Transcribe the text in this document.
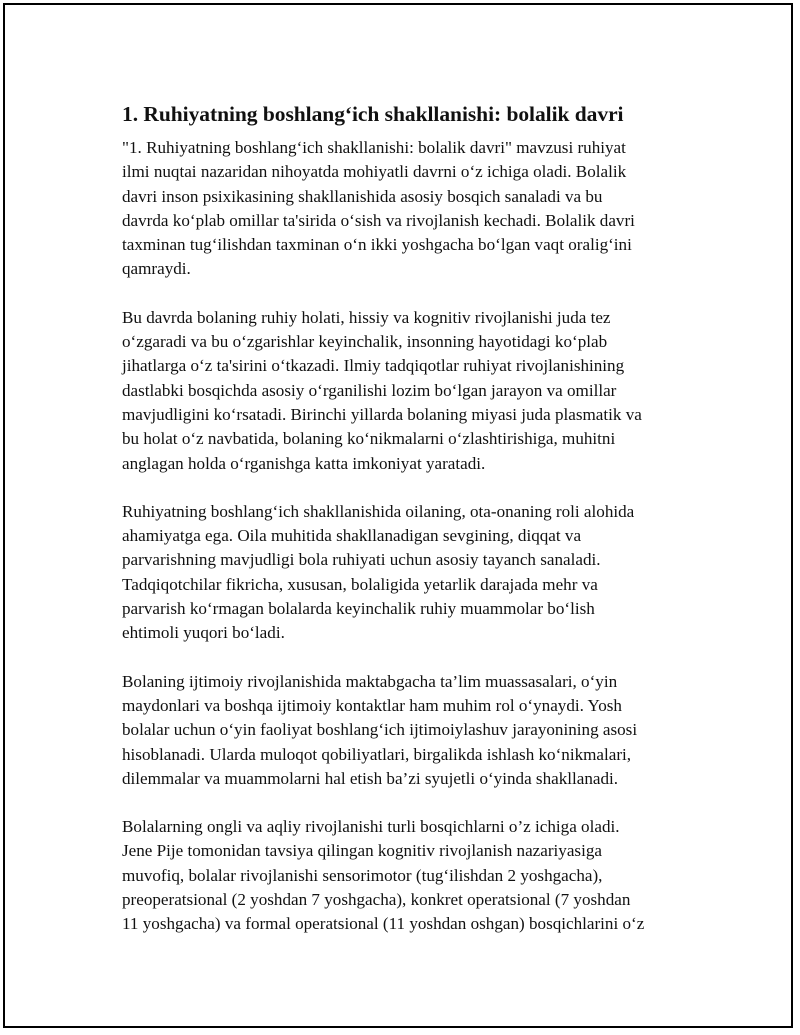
1. Ruhiyatning boshlang‘ich shakllanishi: bolalik davri

"1. Ruhiyatning boshlang‘ich shakllanishi: bolalik davri" mavzusi ruhiyat
ilmi nuqtai nazaridan nihoyatda mohiyatli davrni o‘z ichiga oladi. Bolalik
davri inson psixikasining shakllanishida asosiy bosqich sanaladi va bu
davrda ko‘plab omillar ta'sirida o‘sish va rivojlanish kechadi. Bolalik davri
taxminan tug‘ilishdan taxminan o‘n ikki yoshgacha bo‘lgan vaqt oralig‘ini
qamraydi.

Bu davrda bolaning ruhiy holati, hissiy va kognitiv rivojlanishi juda tez
o‘zgaradi va bu o‘zgarishlar keyinchalik, insonning hayotidagi ko‘plab
jihatlarga o‘z ta'sirini o‘tkazadi. Ilmiy tadqiqotlar ruhiyat rivojlanishining
dastlabki bosqichda asosiy o‘rganilishi lozim bo‘lgan jarayon va omillar
mavjudligini ko‘rsatadi. Birinchi yillarda bolaning miyasi juda plasmatik va
bu holat o‘z navbatida, bolaning ko‘nikmalarni o‘zlashtirishiga, muhitni
anglagan holda o‘rganishga katta imkoniyat yaratadi.

Ruhiyatning boshlang‘ich shakllanishida oilaning, ota-onaning roli alohida
ahamiyatga ega. Oila muhitida shakllanadigan sevgining, diqqat va
parvarishning mavjudligi bola ruhiyati uchun asosiy tayanch sanaladi.
Tadqiqotchilar fikricha, xususan, bolaligida yetarlik darajada mehr va
parvarish ko‘rmagan bolalarda keyinchalik ruhiy muammolar bo‘lish
ehtimoli yuqori bo‘ladi.

Bolaning ijtimoiy rivojlanishida maktabgacha ta’lim muassasalari, o‘yin
maydonlari va boshqa ijtimoiy kontaktlar ham muhim rol o‘ynaydi. Yosh
bolalar uchun o‘yin faoliyat boshlang‘ich ijtimoiylashuv jarayonining asosi
hisoblanadi. Ularda muloqot qobiliyatlari, birgalikda ishlash ko‘nikmalari,
dilemmalar va muammolarni hal etish ba’zi syujetli o‘yinda shakllanadi.

Bolalarning ongli va aqliy rivojlanishi turli bosqichlarni o’z ichiga oladi.
Jene Pije tomonidan tavsiya qilingan kognitiv rivojlanish nazariyasiga
muvofiq, bolalar rivojlanishi sensorimotor (tug‘ilishdan 2 yoshgacha),
preoperatsional (2 yoshdan 7 yoshgacha), konkret operatsional (7 yoshdan
11 yoshgacha) va formal operatsional (11 yoshdan oshgan) bosqichlarini o‘z
